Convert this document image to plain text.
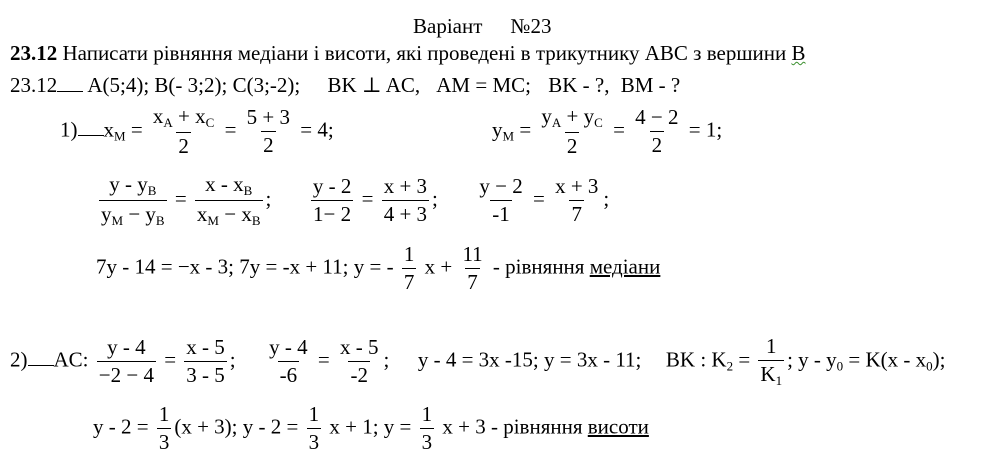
Варіант №23
23.12 Написати рівняння медіани і висоти, які проведені в трикутнику АВС з вершини В
23.12 A(5;4); B(- 3;2); C(3;-2); BK ⊥ AC, AM = MC; BK - ?, BM - ?
1) $x_M = \frac{x_A + x_C}{2} = \frac{5 + 3}{2} = 4$;	$y_M = \frac{y_A + y_C}{2} = \frac{4 - 2}{2} = 1$;
$\frac{y - y_B}{y_M - y_B} = \frac{x - x_B}{x_M - x_B}$ ; $\frac{y - 2}{1- 2} = \frac{x + 3}{4 + 3}$ ; $\frac{y - 2}{-1} = \frac{x + 3}{7}$ ;
7y - 14 = −x - 3; 7y = -x + 11; y = - $\frac{1}{7}$ $x + \frac{11}{7}$ - рівняння медіани
2) AC: $\frac{y - 4}{-2 - 4} = \frac{x - 5}{3 - 5}$ ; $\frac{y - 4}{-6} = \frac{x - 5}{-2}$ ; y - 4 = 3x -15; y = 3x - 11; BK : $K_2 = \frac{1}{K_1}$ ; $y - y_0 = K(x - x_0)$;
$y - 2 = \frac{1}{3} (x + 3)$; $y - 2 = \frac{1}{3}$ x + 1; $y = \frac{1}{3}$ x + 3 - рівняння висоти
